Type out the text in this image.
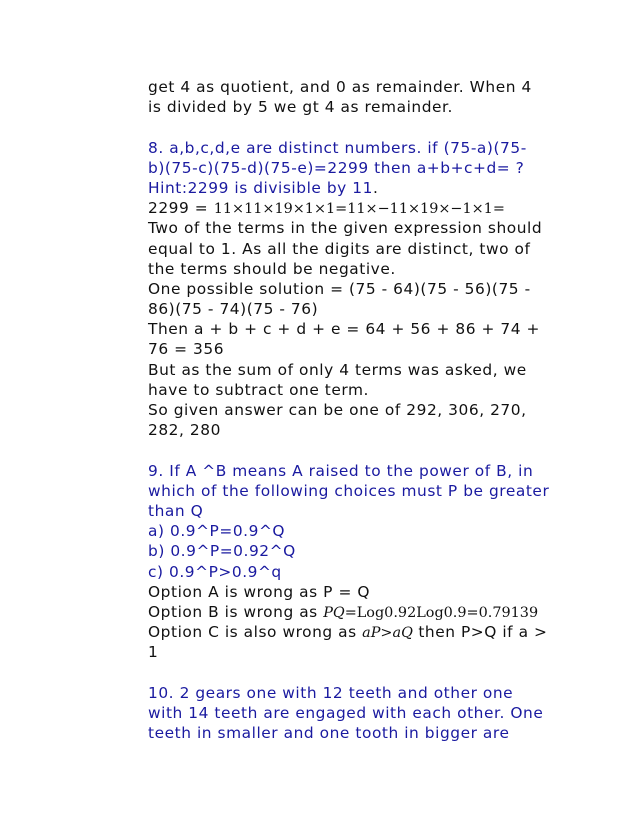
get 4 as quotient, and 0 as remainder. When 4
is divided by 5 we gt 4 as remainder.
8. a,b,c,d,e are distinct numbers. if (75-a)(75-
b)(75-c)(75-d)(75-e)=2299 then a+b+c+d= ?
Hint:2299 is divisible by 11.
2299 = 11×11×19×1×1=11×−11×19×−1×1=
Two of the terms in the given expression should
equal to 1. As all the digits are distinct, two of
the terms should be negative.
One possible solution = (75 - 64)(75 - 56)(75 -
86)(75 - 74)(75 - 76)
Then a + b + c + d + e = 64 + 56 + 86 + 74 +
76 = 356
But as the sum of only 4 terms was asked, we
have to subtract one term.
So given answer can be one of 292, 306, 270,
282, 280
9. If A ^B means A raised to the power of B, in
which of the following choices must P be greater
than Q
a) 0.9^P=0.9^Q
b) 0.9^P=0.92^Q
c) 0.9^P>0.9^q
Option A is wrong as P = Q
Option B is wrong as PQ=Log0.92Log0.9=0.79139
Option C is also wrong as aP>aQ then P>Q if a >
1
10. 2 gears one with 12 teeth and other one
with 14 teeth are engaged with each other. One
teeth in smaller and one tooth in bigger are
